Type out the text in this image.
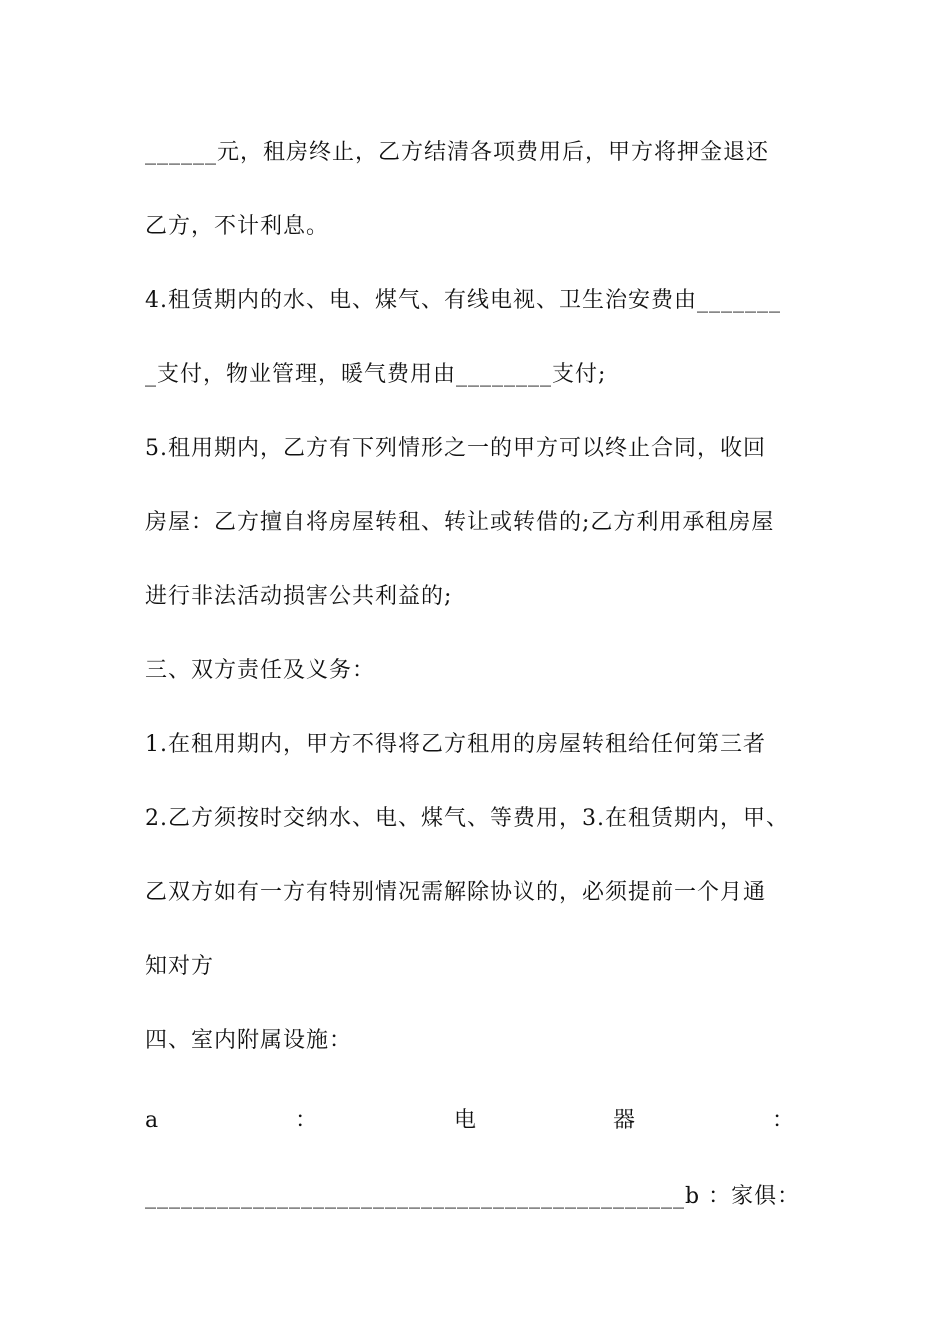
______元，租房终止，乙方结清各项费用后，甲方将押金退还
乙方，不计利息。
4.租赁期内的水、电、煤气、有线电视、卫生治安费由_______
_支付，物业管理，暖气费用由________支付;
5.租用期内，乙方有下列情形之一的甲方可以终止合同，收回
房屋：乙方擅自将房屋转租、转让或转借的;乙方利用承租房屋
进行非法活动损害公共利益的;
三、双方责任及义务：
1.在租用期内，甲方不得将乙方租用的房屋转租给任何第三者
2.乙方须按时交纳水、电、煤气、等费用，3.在租赁期内，甲、
乙双方如有一方有特别情况需解除协议的，必须提前一个月通
知对方
四、室内附属设施：
a	：	电	器	：
_____________________________________________b ：家俱：
